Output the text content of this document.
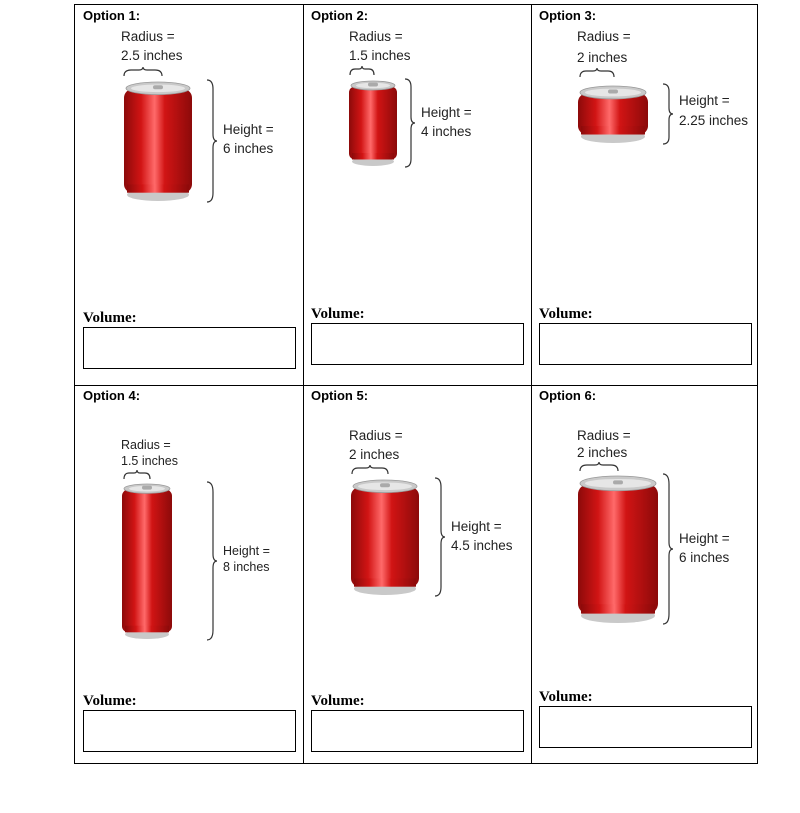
Option 1:
Radius =
2.5 inches
Height =
6 inches
Volume:
Option 2:
Radius =
1.5 inches
Height =
4 inches
Volume:
Option 3:
Radius =
2 inches
Height =
2.25 inches
Volume:
Option 4:
Radius =
1.5 inches
Height =
8 inches
Volume:
Option 5:
Radius =
2 inches
Height =
4.5 inches
Volume:
Option 6:
Radius =
2 inches
Height =
6 inches
Volume:
